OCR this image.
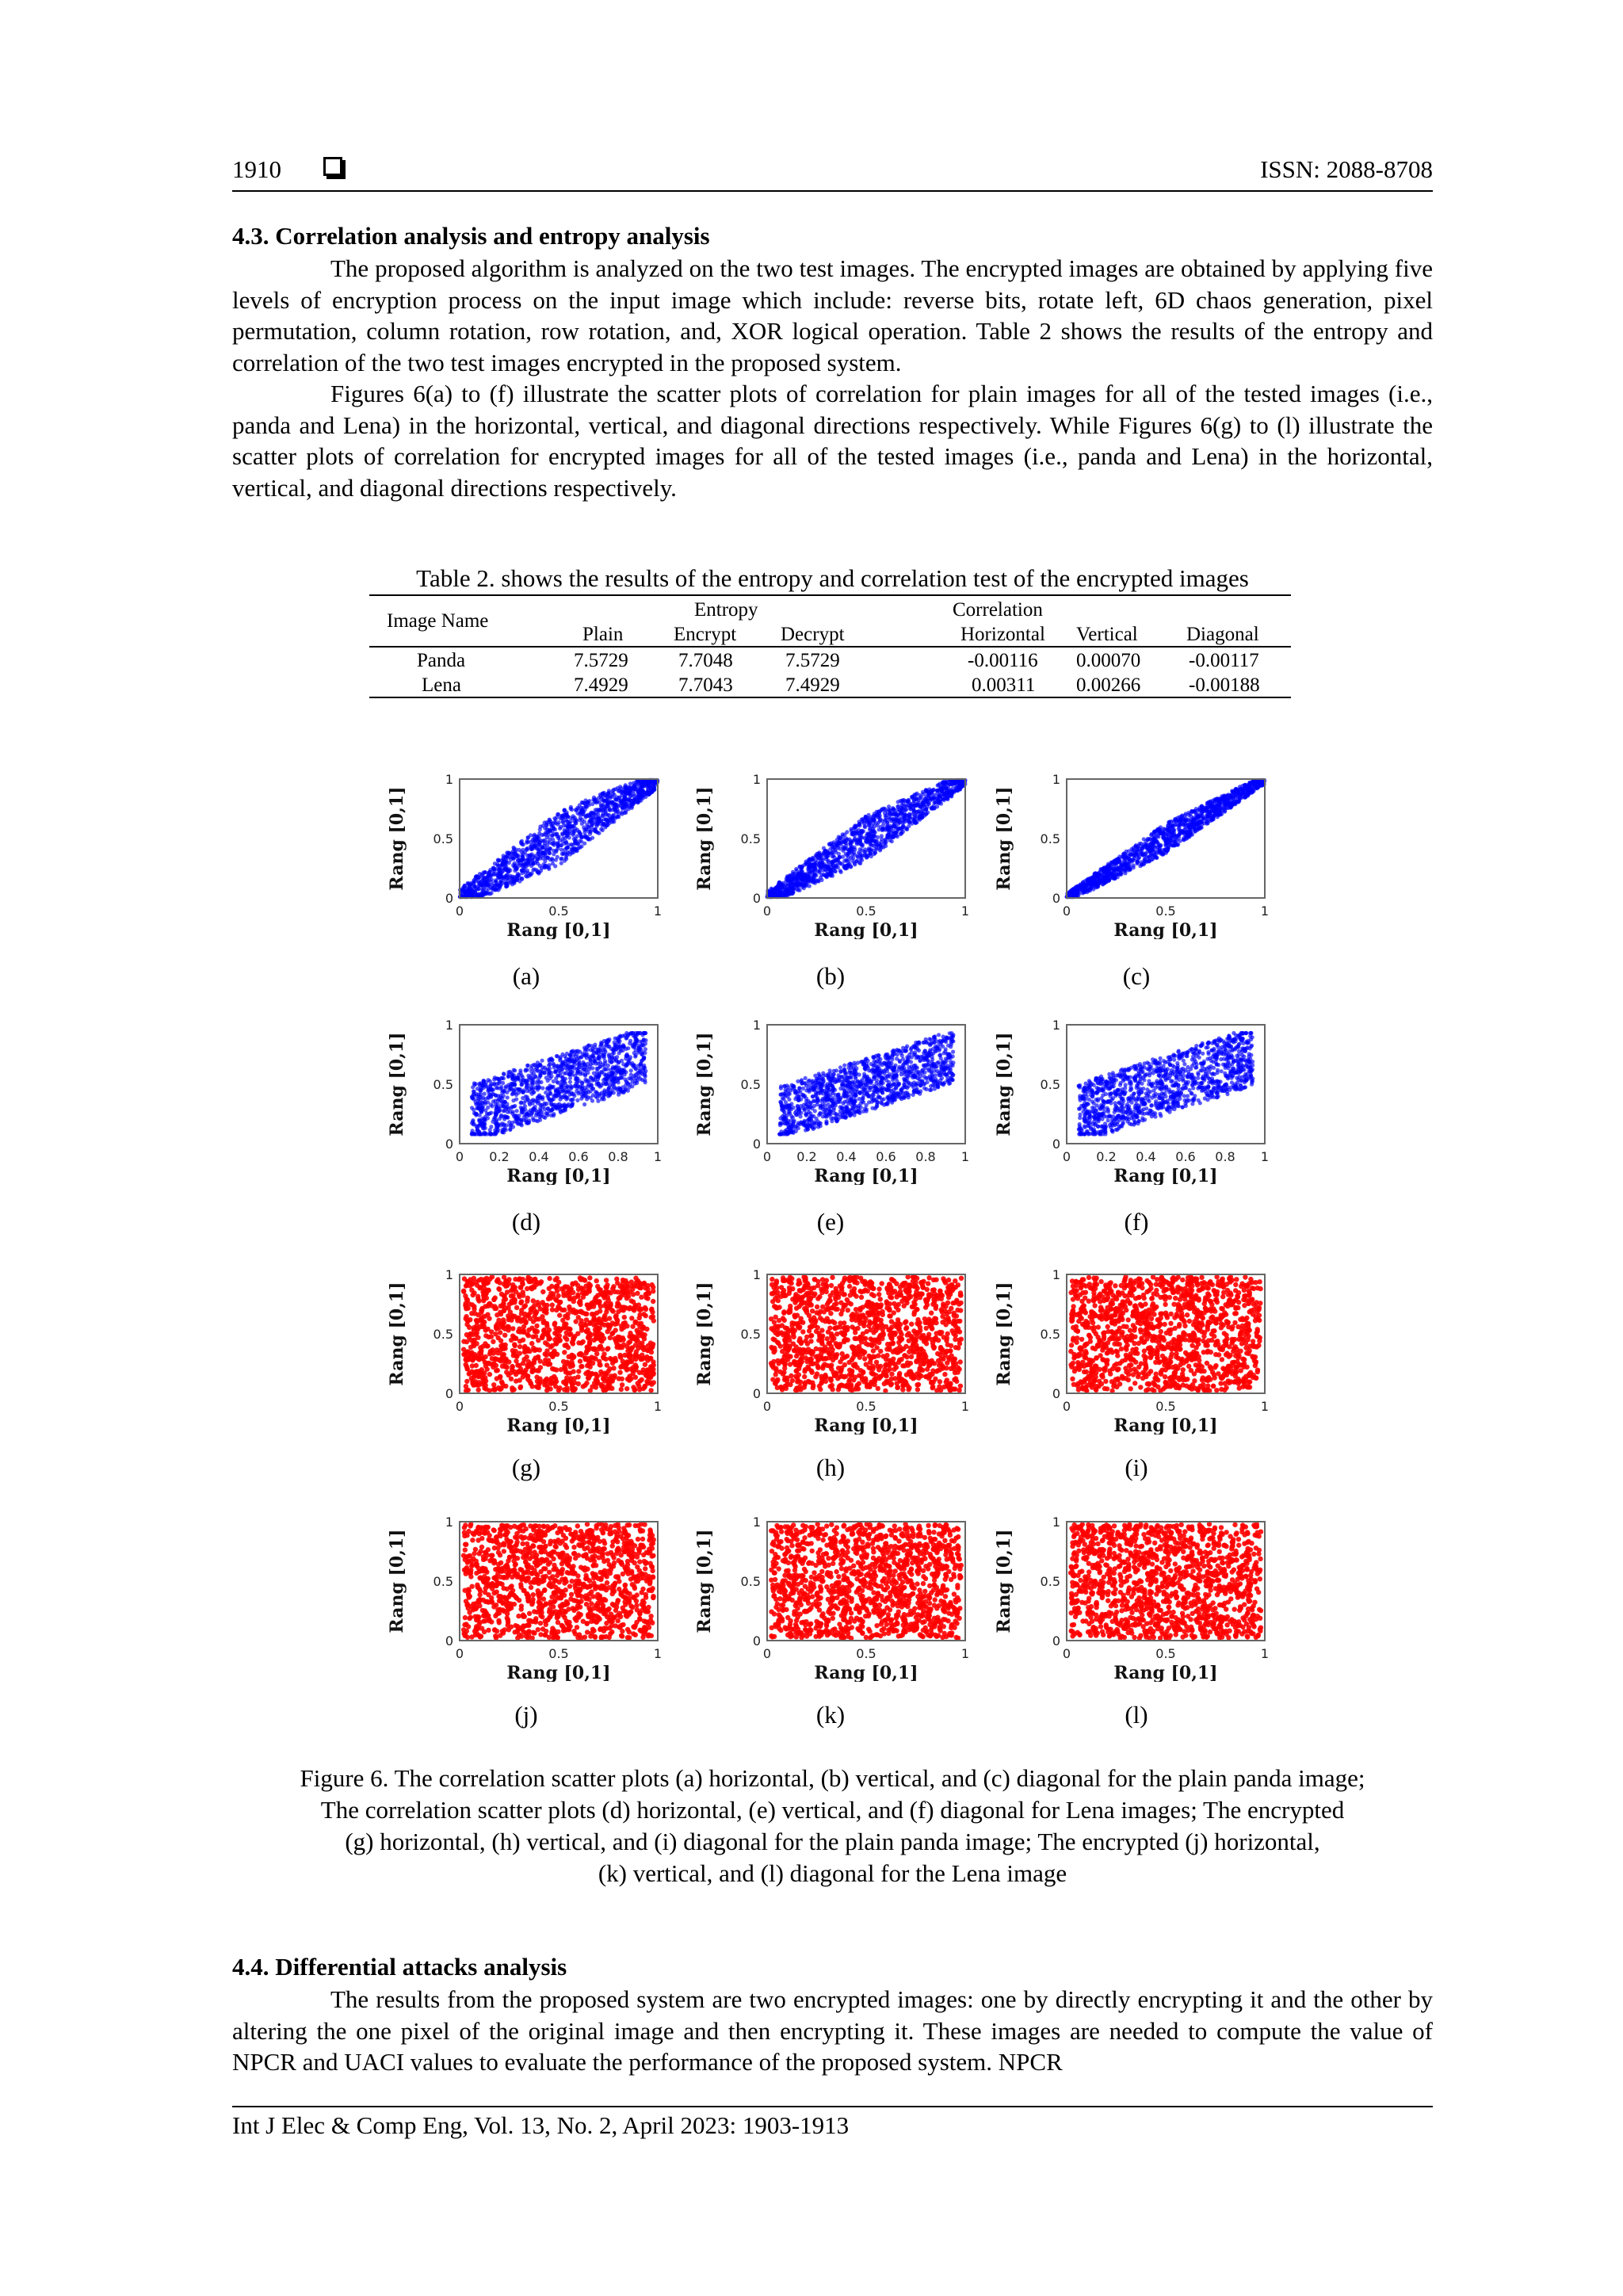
1910	ISSN: 2088-8708
4.3. Correlation analysis and entropy analysis

The proposed algorithm is analyzed on the two test images. The encrypted images are obtained by applying five levels of encryption process on the input image which include: reverse bits, rotate left, 6D chaos generation, pixel permutation, column rotation, row rotation, and, XOR logical operation. Table 2 shows the results of the entropy and correlation of the two test images encrypted in the proposed system.

Figures 6(a) to (f) illustrate the scatter plots of correlation for plain images for all of the tested images (i.e., panda and Lena) in the horizontal, vertical, and diagonal directions respectively. While Figures 6(g) to (l) illustrate the scatter plots of correlation for encrypted images for all of the tested images (i.e., panda and Lena) in the horizontal, vertical, and diagonal directions respectively.

Table 2. shows the results of the entropy and correlation test of the encrypted images
Image Name
Entropy	Correlation
Plain	Encrypt Decrypt	Horizontal Vertical Diagonal
Panda	7.5729	7.7048	7.5729	-0.00116 0.00070 -0.00117
Lena	7.4929	7.7043	7.4929	0.00311 0.00266 -0.00188
0
0.5
1
0	0.5	1
Rang [0,1]
Rang [0,1]
0
0.5
1
0	0.5	1
Rang [0,1]
Rang [0,1]
0
0.5
1
0	0.5	1
Rang [0,1]
Rang [0,1]
0
0.5
1
0 0.2 0.4 0.6 0.8 1
Rang [0,1]
Rang [0,1]
0
0.5
1
0 0.2 0.4 0.6 0.8 1
Rang [0,1]
Rang [0,1]
0
0.5
1
0 0.2 0.4 0.6 0.8 1
Rang [0,1]
Rang [0,1]
0
0.5
1
0	0.5	1
Rang [0,1]
Rang [0,1]
0
0.5
1
0	0.5	1
Rang [0,1]
Rang [0,1]
0
0.5
1
0	0.5	1
Rang [0,1]
Rang [0,1]
0
0.5
1
0	0.5	1
Rang [0,1]
Rang [0,1]
0
0.5
1
0	0.5	1
Rang [0,1]
Rang [0,1]
0
0.5
1
0	0.5	1
Rang [0,1]
Rang [0,1]
(a)	(b)	(c)
(d)	(e)	(f)
(g)	(h)	(i)
(j)	(k)	(l)
Figure 6. The correlation scatter plots (a) horizontal, (b) vertical, and (c) diagonal for the plain panda image;
The correlation scatter plots (d) horizontal, (e) vertical, and (f) diagonal for Lena images; The encrypted
(g) horizontal, (h) vertical, and (i) diagonal for the plain panda image; The encrypted (j) horizontal,
(k) vertical, and (l) diagonal for the Lena image
4.4. Differential attacks analysis

The results from the proposed system are two encrypted images: one by directly encrypting it and the other by altering the one pixel of the original image and then encrypting it. These images are needed to compute the value of NPCR and UACI values to evaluate the performance of the proposed system. NPCR

Int J Elec & Comp Eng, Vol. 13, No. 2, April 2023: 1903-1913
